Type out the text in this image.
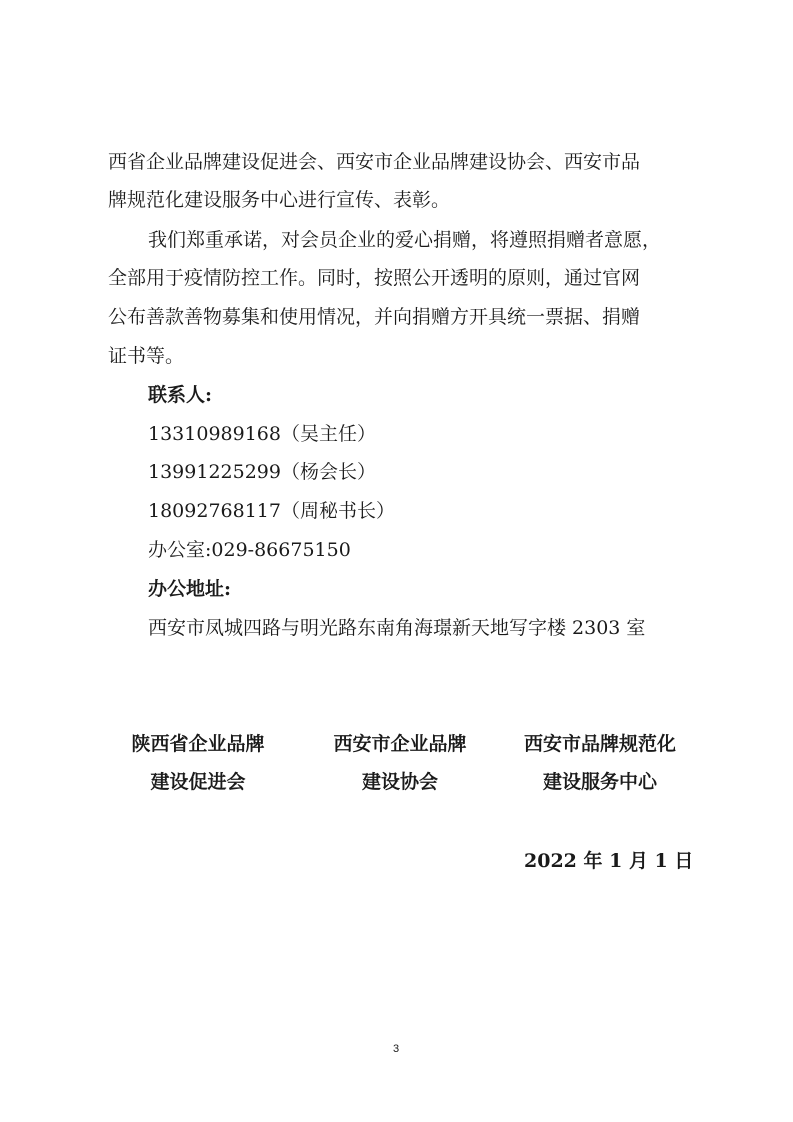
西省企业品牌建设促进会、西安市企业品牌建设协会、西安市品
牌规范化建设服务中心进行宣传、表彰。
我们郑重承诺，对会员企业的爱心捐赠，将遵照捐赠者意愿，
全部用于疫情防控工作。同时，按照公开透明的原则，通过官网
公布善款善物募集和使用情况，并向捐赠方开具统一票据、捐赠
证书等。
联系人:
13310989168（吴主任）
13991225299（杨会长）
18092768117（周秘书长）
办公室:029-86675150
办公地址:
西安市凤城四路与明光路东南角海璟新天地写字楼 2303 室
陕西省企业品牌
建设促进会
西安市企业品牌
建设协会
西安市品牌规范化
建设服务中心
2022 年 1 月 1 日
3
